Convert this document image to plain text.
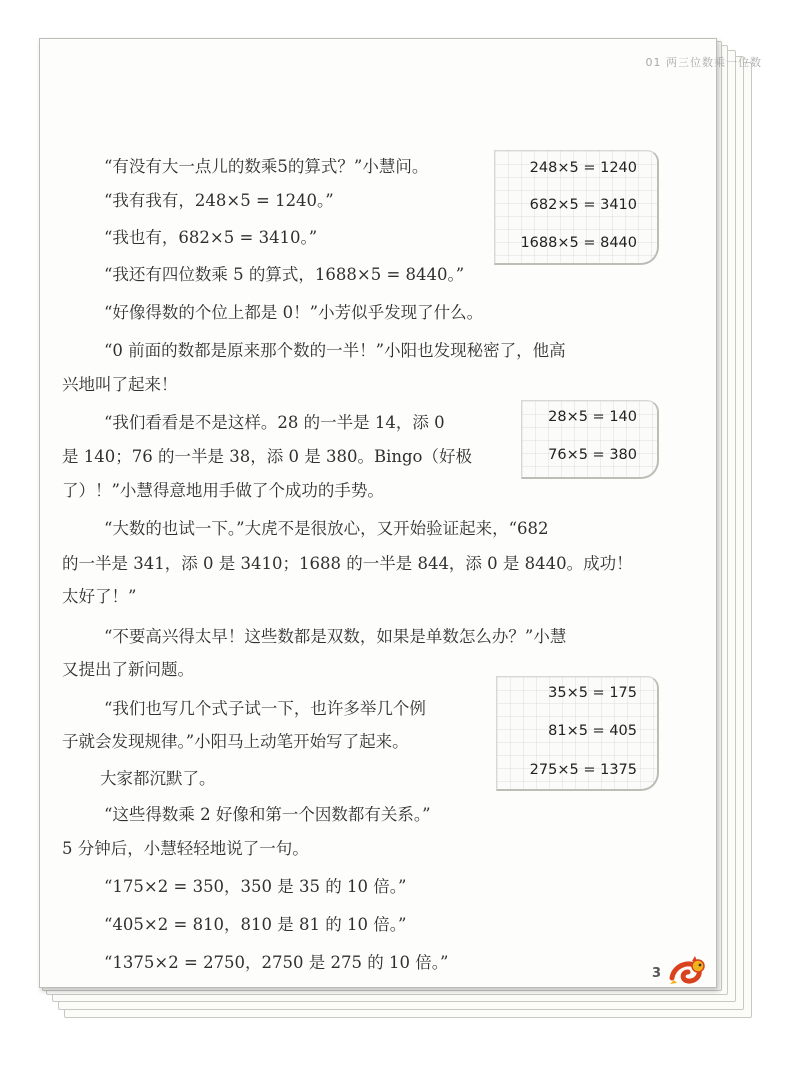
01 两三位数乘一位数
248×5 = 1240
682×5 = 3410
1688×5 = 8440
28×5 = 140
76×5 = 380
35×5 = 175
81×5 = 405
275×5 = 1375

“有没有大一点儿的数乘5的算式？”小慧问。

“我有我有，248×5 = 1240。”

“我也有，682×5 = 3410。”

“我还有四位数乘 5 的算式，1688×5 = 8440。”

“好像得数的个位上都是 0！”小芳似乎发现了什么。

“0 前面的数都是原来那个数的一半！”小阳也发现秘密了，他高

兴地叫了起来！

“我们看看是不是这样。28 的一半是 14，添 0

是 140；76 的一半是 38，添 0 是 380。Bingo（好极

了）！”小慧得意地用手做了个成功的手势。

“大数的也试一下。”大虎不是很放心，又开始验证起来，“682

的一半是 341，添 0 是 3410；1688 的一半是 844，添 0 是 8440。成功！

太好了！”

“不要高兴得太早！这些数都是双数，如果是单数怎么办？”小慧

又提出了新问题。

“我们也写几个式子试一下，也许多举几个例

子就会发现规律。”小阳马上动笔开始写了起来。

大家都沉默了。

“这些得数乘 2 好像和第一个因数都有关系。”

5 分钟后，小慧轻轻地说了一句。

“175×2 = 350，350 是 35 的 10 倍。”

“405×2 = 810，810 是 81 的 10 倍。”

“1375×2 = 2750，2750 是 275 的 10 倍。”

3
